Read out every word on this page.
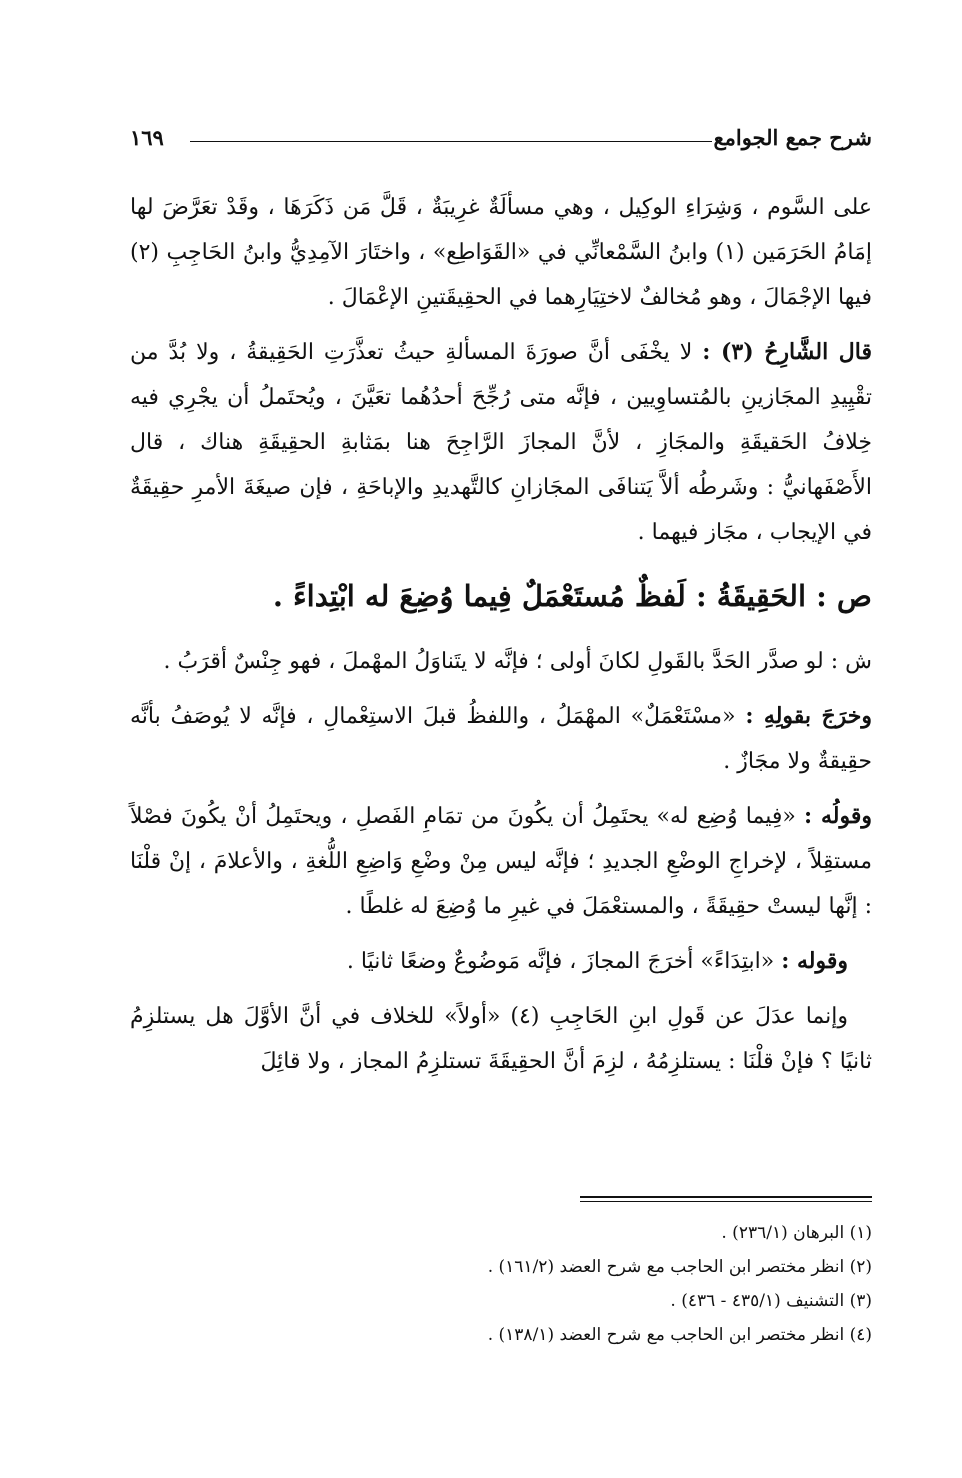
شرح جمع الجوامع
١٦٩

على السَّوم ، وَشِرَاءِ الوكِيل ، وهي مسألَةٌ غرِيبَةٌ ، قَلَّ مَن ذَكَرَهَا ، وقَدْ تعَرَّضَ لها إمَامُ الحَرَمَين (١) وابنُ السَّمْعانِّي في «القَوَاطِع» ، واختَارَ الآمِدِيُّ وابنُ الحَاجِبِ (٢) فيها الإجْمَالَ ، وهو مُخالفٌ لاختِيَارِهما في الحقِيقَتينِ الإعْمَالَ .

قال الشَّارِحُ (٣) : لا يخْفَى أنَّ صورَةَ المسألةِ حيثُ تعذَّرَتِ الحَقِيقةُ ، ولا بُدَّ من تقْيِيدِ المجَازينِ بالمُتساوِيين ، فإنَّه متى رُجِّحَ أحدُهُما تعَيَّنَ ، ويُحتَملُ أن يجْرِي فيه خِلافُ الحَقيقَةِ والمجَازِ ، لأنَّ المجازَ الرَّاجِحَ هنا بمَثابةِ الحقِيقَةِ هناك ، قال الأَصْفَهانيُّ : وشَرطُه ألاَّ يَتنافَى المجَازانِ كالتَّهديدِ والإباحَةِ ، فإن صيغَةَ الأمرِ حقِيقَةٌ في الإيجاب ، مجَاز فيهما .

ص : الحَقِيقَةُ : لَفظٌ مُستَعْمَلٌ فِيما وُضِعَ له ابْتِداءً .

ش : لو صدَّر الحَدَّ بالقَولِ لكانَ أولى ؛ فإنَّه لا يتَناوَلُ المهْملَ ، فهو جِنْسٌ أقرَبُ .

وخرَجَ بقولِهِ : «مسْتَعْمَلٌ» المهْمَلُ ، واللفظُ قبلَ الاستِعْمالِ ، فإنَّه لا يُوصَفُ بأنَّه حقِيقةٌ ولا مجَازٌ .

وقولُه : «فِيما وُضِع له» يحتَمِلُ أن يكُونَ من تمَامِ الفَصلِ ، ويحتَمِلُ أنْ يكُونَ فصْلاً مستقِلاً ، لإخراجِ الوضْعِ الجديدِ ؛ فإنَّه ليس مِنْ وضْعِ وَاضِعِ اللُّغةِ ، والأعلامَ ، إنْ قلْنَا : إنَّها ليستْ حقِيقَةً ، والمستعْمَلَ في غيرِ ما وُضِعَ له غلطًا .

وقوله : «ابتِدَاءً» أخرَجَ المجازَ ، فإنَّه مَوضُوعٌ وضعًا ثانيًا .

وإنما عدَلَ عن قَولِ ابنِ الحَاجِبِ (٤) «أولاً» للخلاف في أنَّ الأوَّلَ هل يستلزِمُ ثانيًا ؟ فإنْ قلْنَا : يستلزِمُهُ ، لزِمَ أنَّ الحقِيقَةَ تستلزِمُ المجاز ، ولا قائِلَ

(١) البرهان (٢٣٦/١) .

(٢) انظر مختصر ابن الحاجب مع شرح العضد (١٦١/٢) .

(٣) التشنيف (٤٣٥/١ - ٤٣٦) .

(٤) انظر مختصر ابن الحاجب مع شرح العضد (١٣٨/١) .
